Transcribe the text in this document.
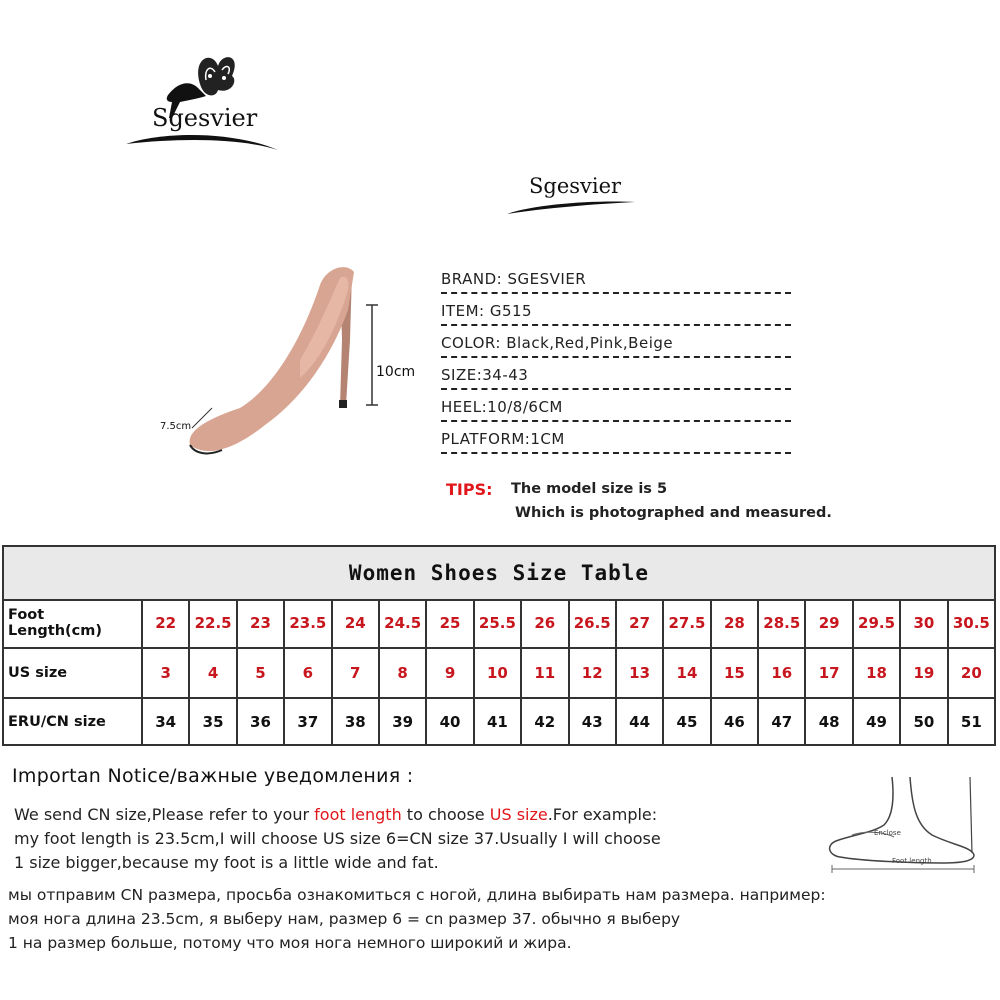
Sgesvier
Sgesvier
10cm
7.5cm
BRAND: SGESVIER
ITEM: G515
COLOR: Black,Red,Pink,Beige
SIZE:34-43
HEEL:10/8/6CM
PLATFORM:1CM
TIPS: The model size is 5
Which is photographed and measured.
Women Shoes Size Table
Foot Length(cm)	22	22.5	23	23.5	24	24.5	25	25.5	26	26.5	27	27.5	28	28.5	29	29.5	30	30.5
US size	3	4	5	6	7	8	9	10	11	12	13	14	15	16	17	18	19	20
ERU/CN size	34	35	36	37	38	39	40	41	42	43	44	45	46	47	48	49	50	51
Importan Notice/важные уведомления :
We send CN size,Please refer to your foot length to choose US size.For example:
my foot length is 23.5cm,I will choose US size 6=CN size 37.Usually I will choose
1 size bigger,because my foot is a little wide and fat.
мы отправим CN размера, просьба ознакомиться с ногой, длина выбирать нам размера. например:
моя нога длина 23.5cm, я выберу нам, размер 6 = cn размер 37. обычно я выберу
1 на размер больше, потому что моя нога немного широкий и жира.
Enclose
Foot length
